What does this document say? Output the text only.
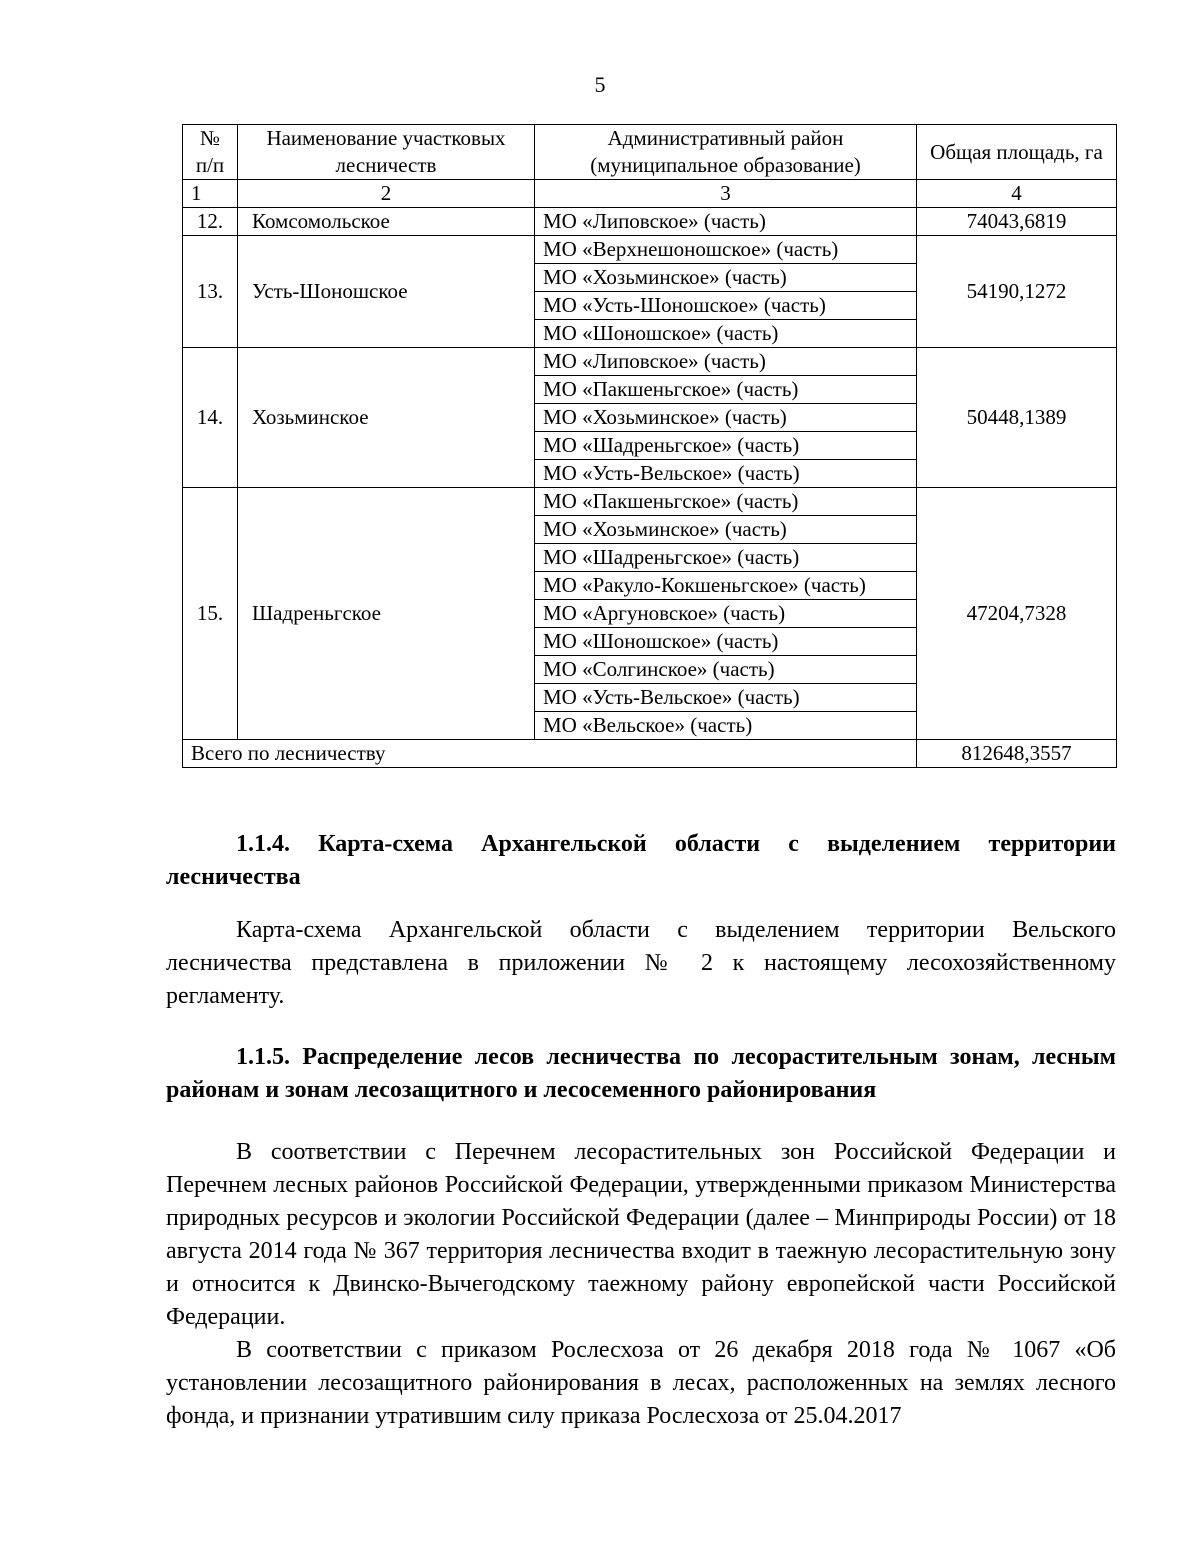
5
№ п/п	Наименование участковых лесничеств	Административный район (муниципальное образование)	Общая площадь, га
1	2	3	4
12.	Комсомольское	МО «Липовское» (часть)	74043,6819
13.	Усть-Шоношское	МО «Верхнешоношское» (часть)	54190,1272
		МО «Хозьминское» (часть)	
		МО «Усть-Шоношское» (часть)	
		МО «Шоношское» (часть)	
14.	Хозьминское	МО «Липовское» (часть)	50448,1389
		МО «Пакшеньгское» (часть)	
		МО «Хозьминское» (часть)	
		МО «Шадреньгское» (часть)	
		МО «Усть-Вельское» (часть)	
15.	Шадреньгское	МО «Пакшеньгское» (часть)	47204,7328
		МО «Хозьминское» (часть)	
		МО «Шадреньгское» (часть)	
		МО «Ракуло-Кокшеньгское» (часть)	
		МО «Аргуновское» (часть)	
		МО «Шоношское» (часть)	
		МО «Солгинское» (часть)	
		МО «Усть-Вельское» (часть)	
		МО «Вельское» (часть)	
Всего по лесничеству			812648,3557
1.1.4. Карта-схема Архангельской области с выделением территории лесничества

Карта-схема Архангельской области с выделением территории Вельского лесничества представлена в приложении № 2 к настоящему лесохозяйственному регламенту.

1.1.5. Распределение лесов лесничества по лесорастительным зонам, лесным районам и зонам лесозащитного и лесосеменного районирования

В соответствии с Перечнем лесорастительных зон Российской Федерации и Перечнем лесных районов Российской Федерации, утвержденными приказом Министерства природных ресурсов и экологии Российской Федерации (далее – Минприроды России) от 18 августа 2014 года № 367 территория лесничества входит в таежную лесорастительную зону и относится к Двинско-Вычегодскому таежному району европейской части Российской Федерации.

В соответствии с приказом Рослесхоза от 26 декабря 2018 года № 1067 «Об установлении лесозащитного районирования в лесах, расположенных на землях лесного фонда, и признании утратившим силу приказа Рослесхоза от 25.04.2017
